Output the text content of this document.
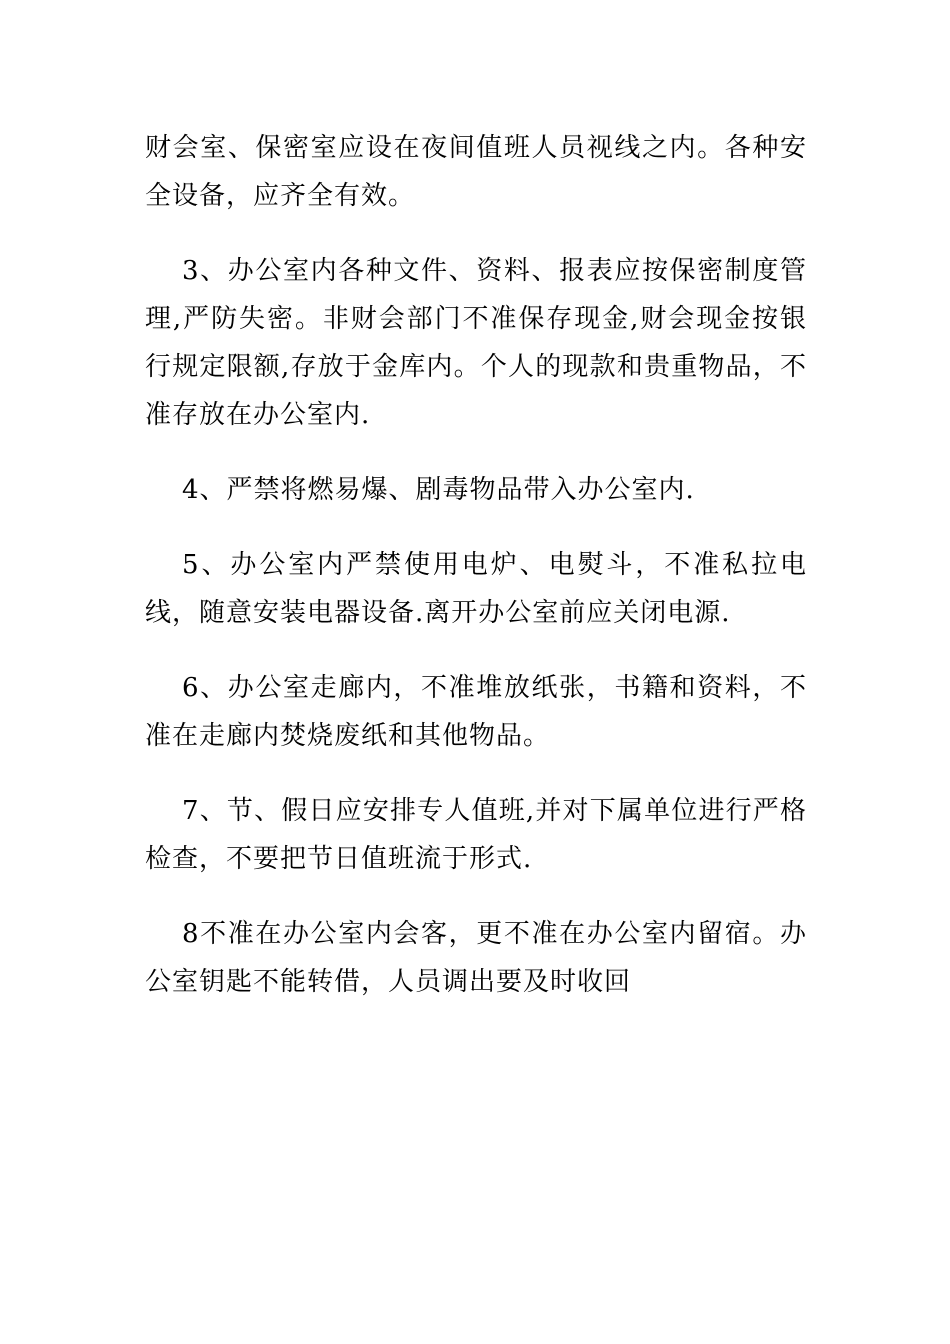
财会室、保密室应设在夜间值班人员视线之内。各种安全设备，应齐全有效。

3、办公室内各种文件、资料、报表应按保密制度管理,严防失密。非财会部门不准保存现金,财会现金按银行规定限额,存放于金库内。个人的现款和贵重物品，不准存放在办公室内.

4、严禁将燃易爆、剧毒物品带入办公室内.

5、办公室内严禁使用电炉、电熨斗，不准私拉电线，随意安装电器设备.离开办公室前应关闭电源.

6、办公室走廊内，不准堆放纸张，书籍和资料，不准在走廊内焚烧废纸和其他物品。

7、节、假日应安排专人值班,并对下属单位进行严格检查，不要把节日值班流于形式.

8不准在办公室内会客，更不准在办公室内留宿。办公室钥匙不能转借，人员调出要及时收回
